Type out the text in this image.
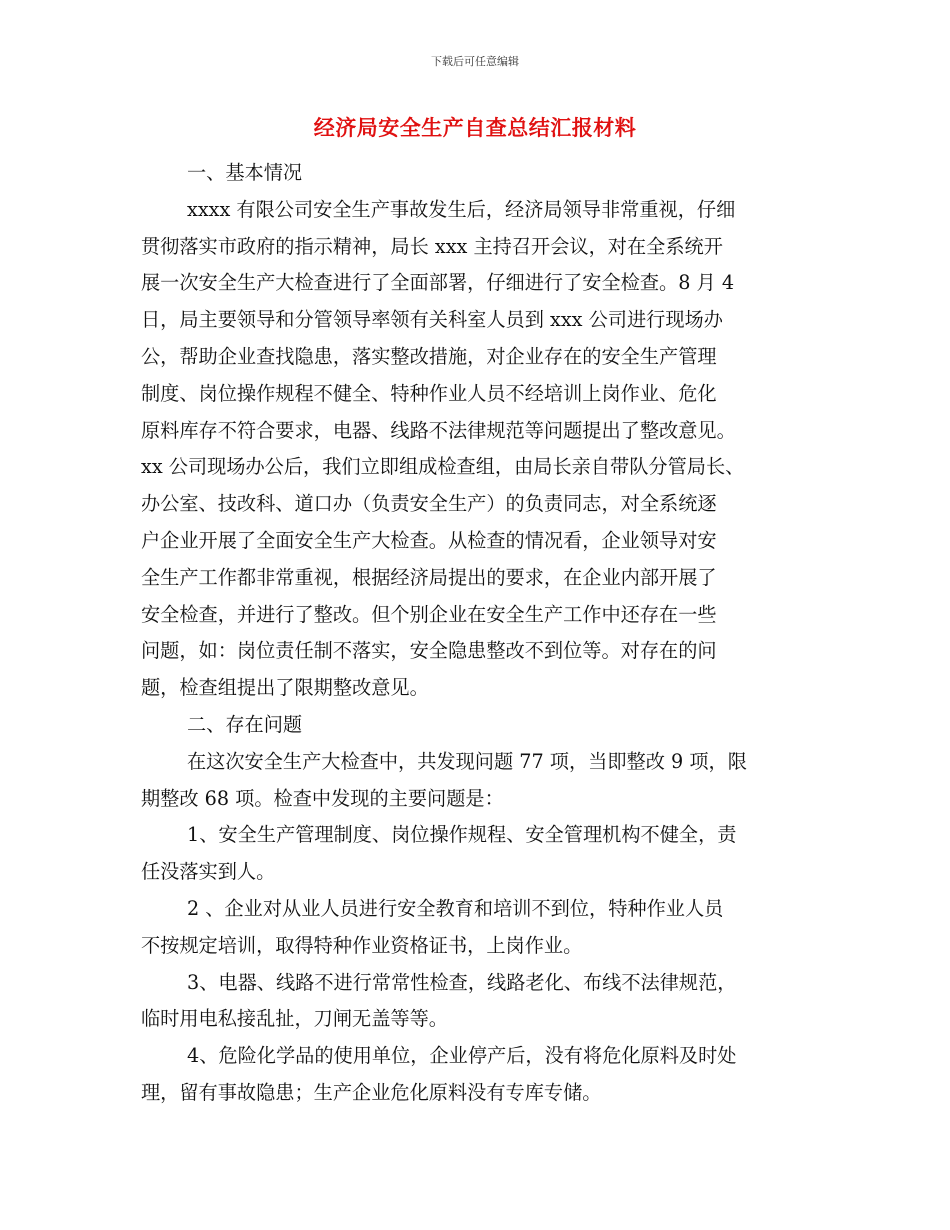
下载后可任意编辑
经济局安全生产自查总结汇报材料
一、基本情况
xxxx 有限公司安全生产事故发生后，经济局领导非常重视，仔细
贯彻落实市政府的指示精神，局长 xxx 主持召开会议，对在全系统开
展一次安全生产大检查进行了全面部署，仔细进行了安全检查。8 月 4
日，局主要领导和分管领导率领有关科室人员到 xxx 公司进行现场办
公，帮助企业查找隐患，落实整改措施，对企业存在的安全生产管理
制度、岗位操作规程不健全、特种作业人员不经培训上岗作业、危化
原料库存不符合要求，电器、线路不法律规范等问题提出了整改意见。
xx 公司现场办公后，我们立即组成检查组，由局长亲自带队分管局长、
办公室、技改科、道口办（负责安全生产）的负责同志，对全系统逐
户企业开展了全面安全生产大检查。从检查的情况看，企业领导对安
全生产工作都非常重视，根据经济局提出的要求，在企业内部开展了
安全检查，并进行了整改。但个别企业在安全生产工作中还存在一些
问题，如：岗位责任制不落实，安全隐患整改不到位等。对存在的问
题，检查组提出了限期整改意见。
二、存在问题
在这次安全生产大检查中，共发现问题 77 项，当即整改 9 项，限
期整改 68 项。检查中发现的主要问题是：
1、安全生产管理制度、岗位操作规程、安全管理机构不健全，责
任没落实到人。
2 、企业对从业人员进行安全教育和培训不到位，特种作业人员
不按规定培训，取得特种作业资格证书，上岗作业。
3、电器、线路不进行常常性检查，线路老化、布线不法律规范，
临时用电私接乱扯，刀闸无盖等等。
4、危险化学品的使用单位，企业停产后，没有将危化原料及时处
理，留有事故隐患；生产企业危化原料没有专库专储。
